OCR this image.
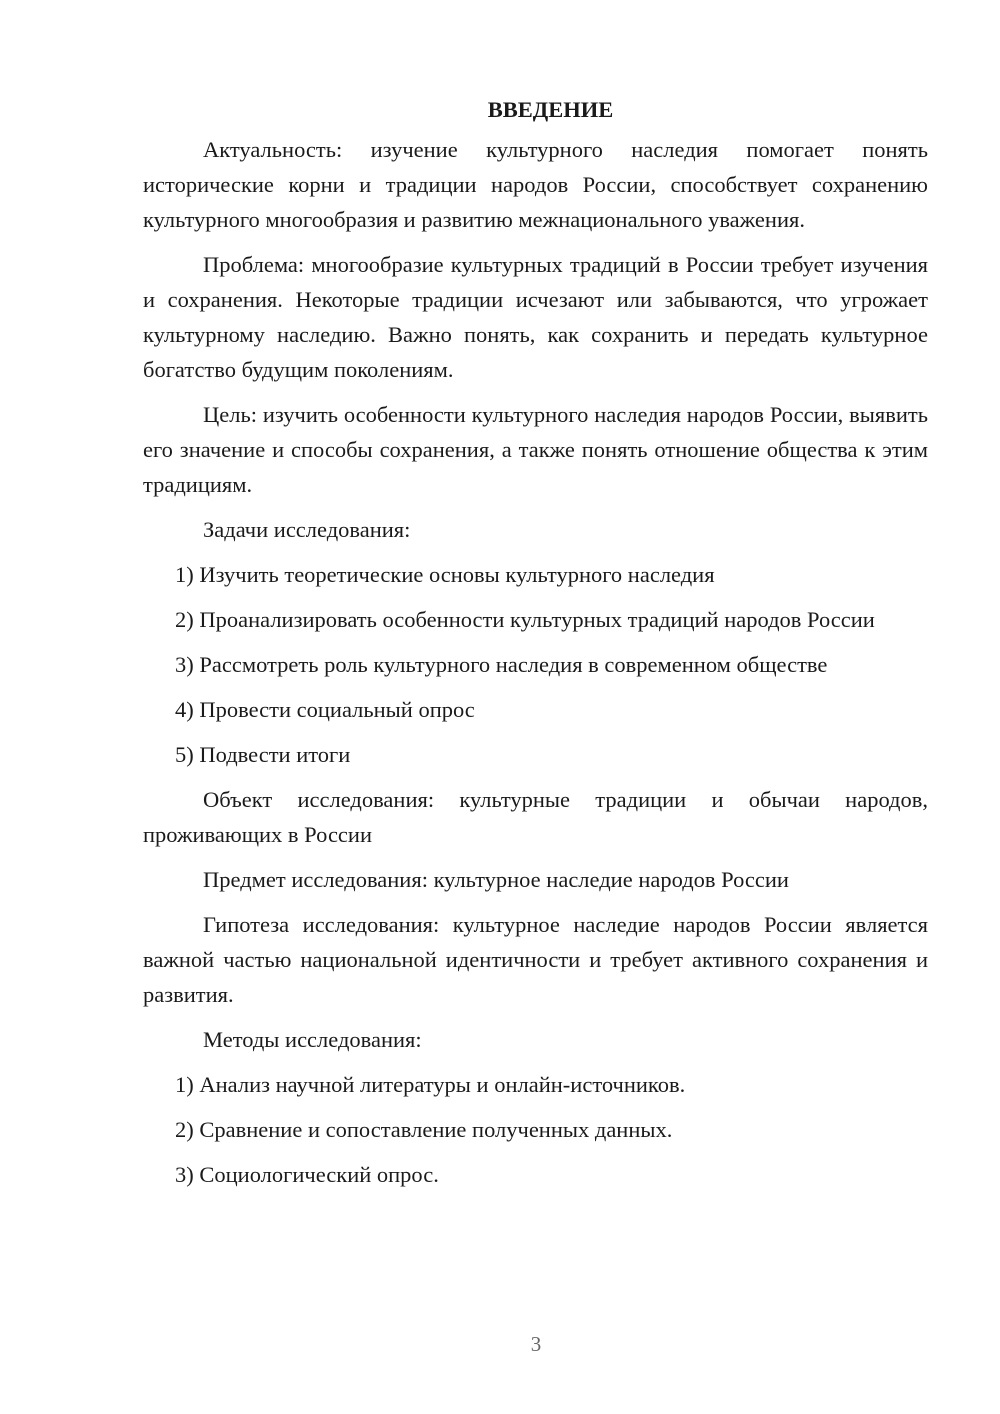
ВВЕДЕНИЕ

Актуальность: изучение культурного наследия помогает понять исторические корни и традиции народов России, способствует сохранению культурного многообразия и развитию межнационального уважения.

Проблема: многообразие культурных традиций в России требует изучения и сохранения. Некоторые традиции исчезают или забываются, что угрожает культурному наследию. Важно понять, как сохранить и передать культурное богатство будущим поколениям.

Цель: изучить особенности культурного наследия народов России, выявить его значение и способы сохранения, а также понять отношение общества к этим традициям.

Задачи исследования:

1) Изучить теоретические основы культурного наследия

2) Проанализировать особенности культурных традиций народов России

3) Рассмотреть роль культурного наследия в современном обществе

4) Провести социальный опрос

5) Подвести итоги

Объект исследования: культурные традиции и обычаи народов, проживающих в России

Предмет исследования: культурное наследие народов России

Гипотеза исследования: культурное наследие народов России является важной частью национальной идентичности и требует активного сохранения и развития.

Методы исследования:

1) Анализ научной литературы и онлайн-источников.

2) Сравнение и сопоставление полученных данных.

3) Социологический опрос.

3
